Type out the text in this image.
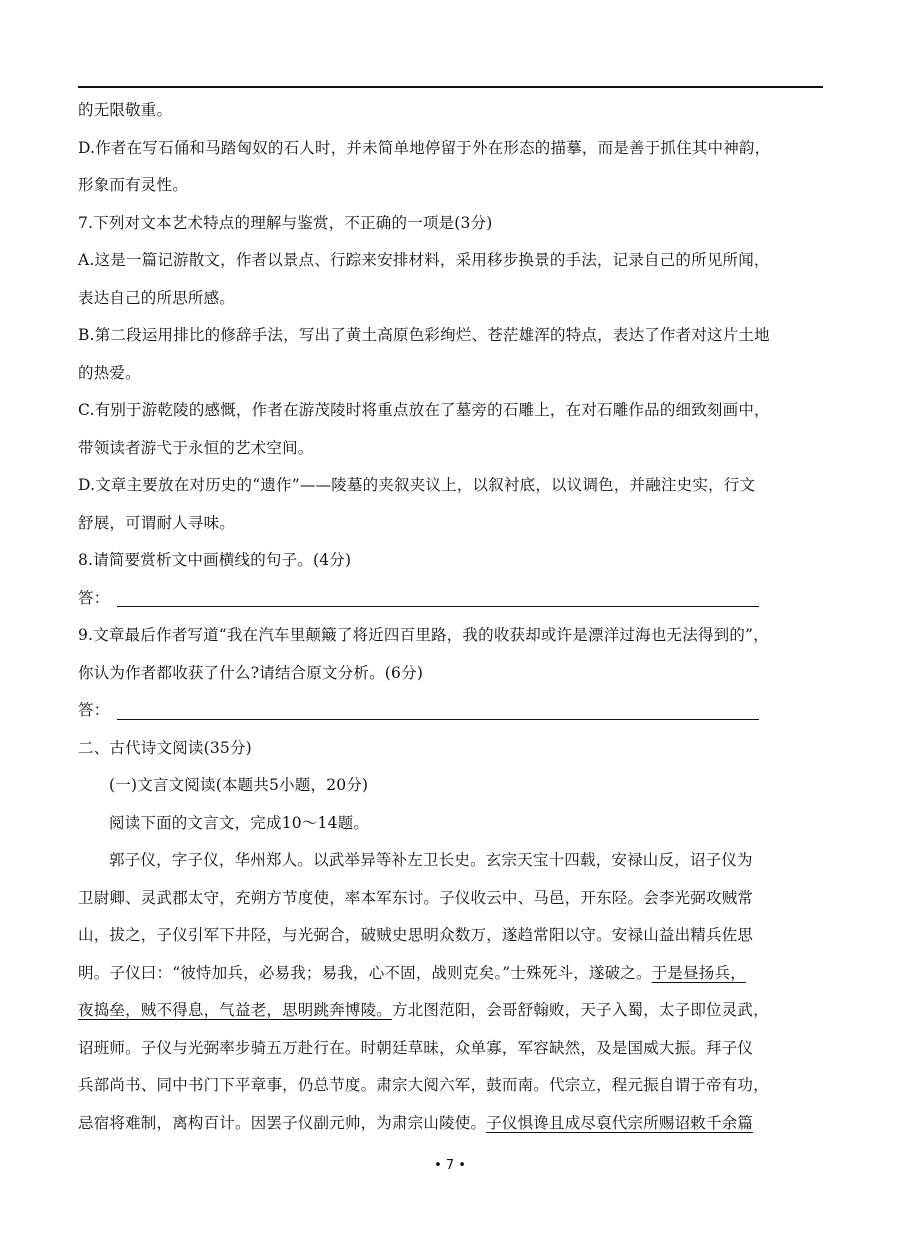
的无限敬重。
D.作者在写石俑和马踏匈奴的石人时，并未简单地停留于外在形态的描摹，而是善于抓住其中神韵，
形象而有灵性。
7.下列对文本艺术特点的理解与鉴赏，不正确的一项是(3分)
A.这是一篇记游散文，作者以景点、行踪来安排材料，采用移步换景的手法，记录自己的所见所闻，
表达自己的所思所感。
B.第二段运用排比的修辞手法，写出了黄土高原色彩绚烂、苍茫雄浑的特点，表达了作者对这片土地
的热爱。
C.有别于游乾陵的感慨，作者在游茂陵时将重点放在了墓旁的石雕上，在对石雕作品的细致刻画中，
带领读者游弋于永恒的艺术空间。
D.文章主要放在对历史的“遗作”——陵墓的夹叙夹议上，以叙衬底，以议调色，并融注史实，行文
舒展，可谓耐人寻味。
8.请简要赏析文中画横线的句子。(4分)
答：
9.文章最后作者写道“我在汽车里颠簸了将近四百里路，我的收获却或许是漂洋过海也无法得到的”，
你认为作者都收获了什么?请结合原文分析。(6分)
答：
二、古代诗文阅读(35分)
(一)文言文阅读(本题共5小题，20分)
阅读下面的文言文，完成10～14题。
郭子仪，字子仪，华州郑人。以武举异等补左卫长史。玄宗天宝十四载，安禄山反，诏子仪为
卫尉卿、灵武郡太守，充朔方节度使，率本军东讨。子仪收云中、马邑，开东陉。会李光弼攻贼常
山，拔之，子仪引军下井陉，与光弼合，破贼史思明众数万，遂趋常阳以守。安禄山益出精兵佐思
明。子仪曰：“彼恃加兵，必易我；易我，心不固，战则克矣。”士殊死斗，遂破之。于是昼扬兵，
夜捣垒，贼不得息，气益老，思明跳奔博陵。方北图范阳，会哥舒翰败，天子入蜀，太子即位灵武，
诏班师。子仪与光弼率步骑五万赴行在。时朝廷草昧，众单寡，军容缺然，及是国威大振。拜子仪
兵部尚书、同中书门下平章事，仍总节度。肃宗大阅六军，鼓而南。代宗立，程元振自谓于帝有功，
忌宿将难制，离构百计。因罢子仪副元帅，为肃宗山陵使。子仪惧谗且成尽裒代宗所赐诏敕千余篇
• 7 •
